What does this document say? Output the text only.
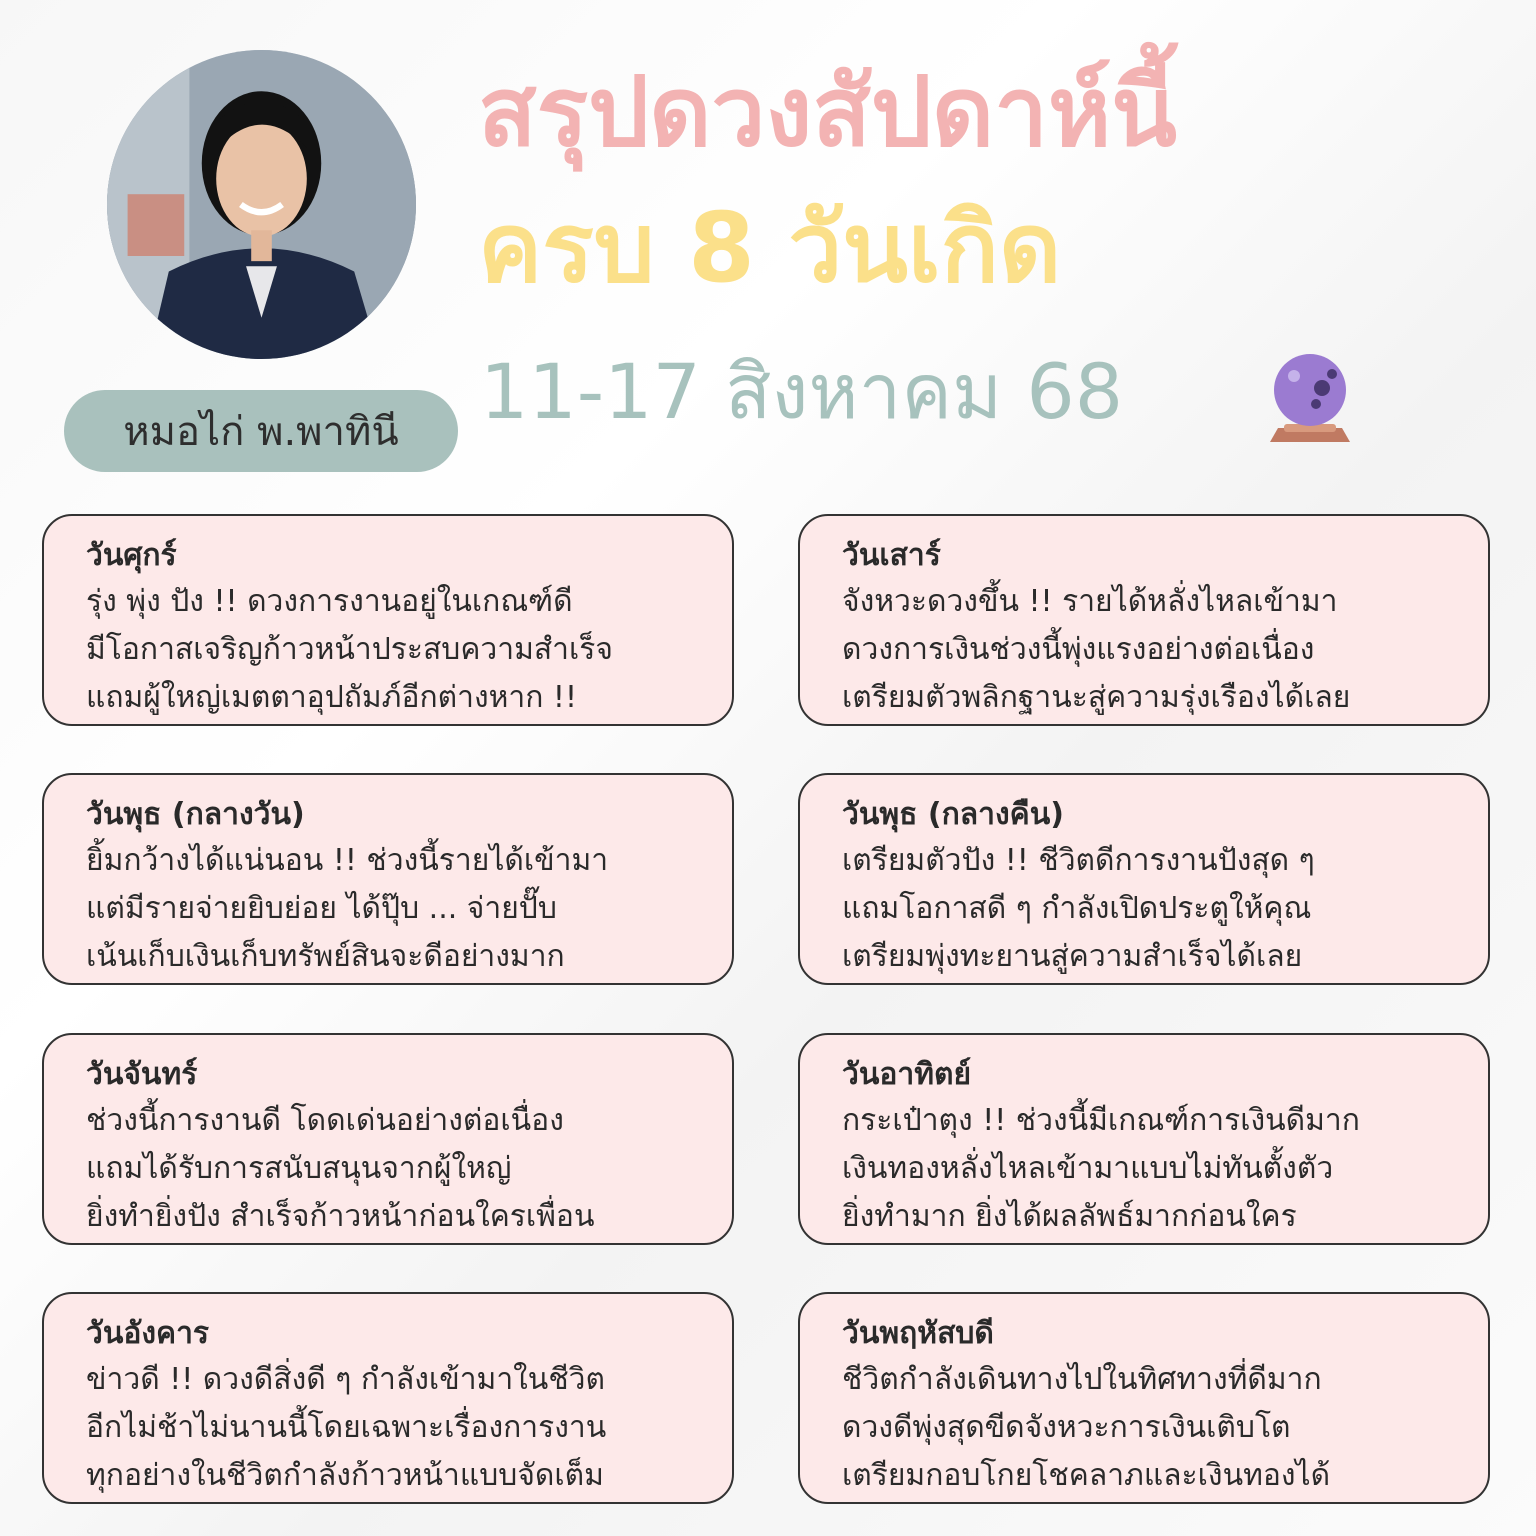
หมอไก่ พ.พาทินี
สรุปดวงสัปดาห์นี้
ครบ 8 วันเกิด
11-17 สิงหาคม 68
วันศุกร์
รุ่ง พุ่ง ปัง !! ดวงการงานอยู่ในเกณฑ์ดี
มีโอกาสเจริญก้าวหน้าประสบความสำเร็จ
แถมผู้ใหญ่เมตตาอุปถัมภ์อีกต่างหาก !!
วันเสาร์
จังหวะดวงขึ้น !! รายได้หลั่งไหลเข้ามา
ดวงการเงินช่วงนี้พุ่งแรงอย่างต่อเนื่อง
เตรียมตัวพลิกฐานะสู่ความรุ่งเรืองได้เลย
วันพุธ (กลางวัน)
ยิ้มกว้างได้แน่นอน !! ช่วงนี้รายได้เข้ามา
แต่มีรายจ่ายยิบย่อย ได้ปุ๊บ ... จ่ายปั๊บ
เน้นเก็บเงินเก็บทรัพย์สินจะดีอย่างมาก
วันพุธ (กลางคืน)
เตรียมตัวปัง !! ชีวิตดีการงานปังสุด ๆ
แถมโอกาสดี ๆ กำลังเปิดประตูให้คุณ
เตรียมพุ่งทะยานสู่ความสำเร็จได้เลย
วันจันทร์
ช่วงนี้การงานดี โดดเด่นอย่างต่อเนื่อง
แถมได้รับการสนับสนุนจากผู้ใหญ่
ยิ่งทำยิ่งปัง สำเร็จก้าวหน้าก่อนใครเพื่อน
วันอาทิตย์
กระเป๋าตุง !! ช่วงนี้มีเกณฑ์การเงินดีมาก
เงินทองหลั่งไหลเข้ามาแบบไม่ทันตั้งตัว
ยิ่งทำมาก ยิ่งได้ผลลัพธ์มากก่อนใคร
วันอังคาร
ข่าวดี !! ดวงดีสิ่งดี ๆ กำลังเข้ามาในชีวิต
อีกไม่ช้าไม่นานนี้โดยเฉพาะเรื่องการงาน
ทุกอย่างในชีวิตกำลังก้าวหน้าแบบจัดเต็ม
วันพฤหัสบดี
ชีวิตกำลังเดินทางไปในทิศทางที่ดีมาก
ดวงดีพุ่งสุดขีดจังหวะการเงินเติบโต
เตรียมกอบโกยโชคลาภและเงินทองได้
